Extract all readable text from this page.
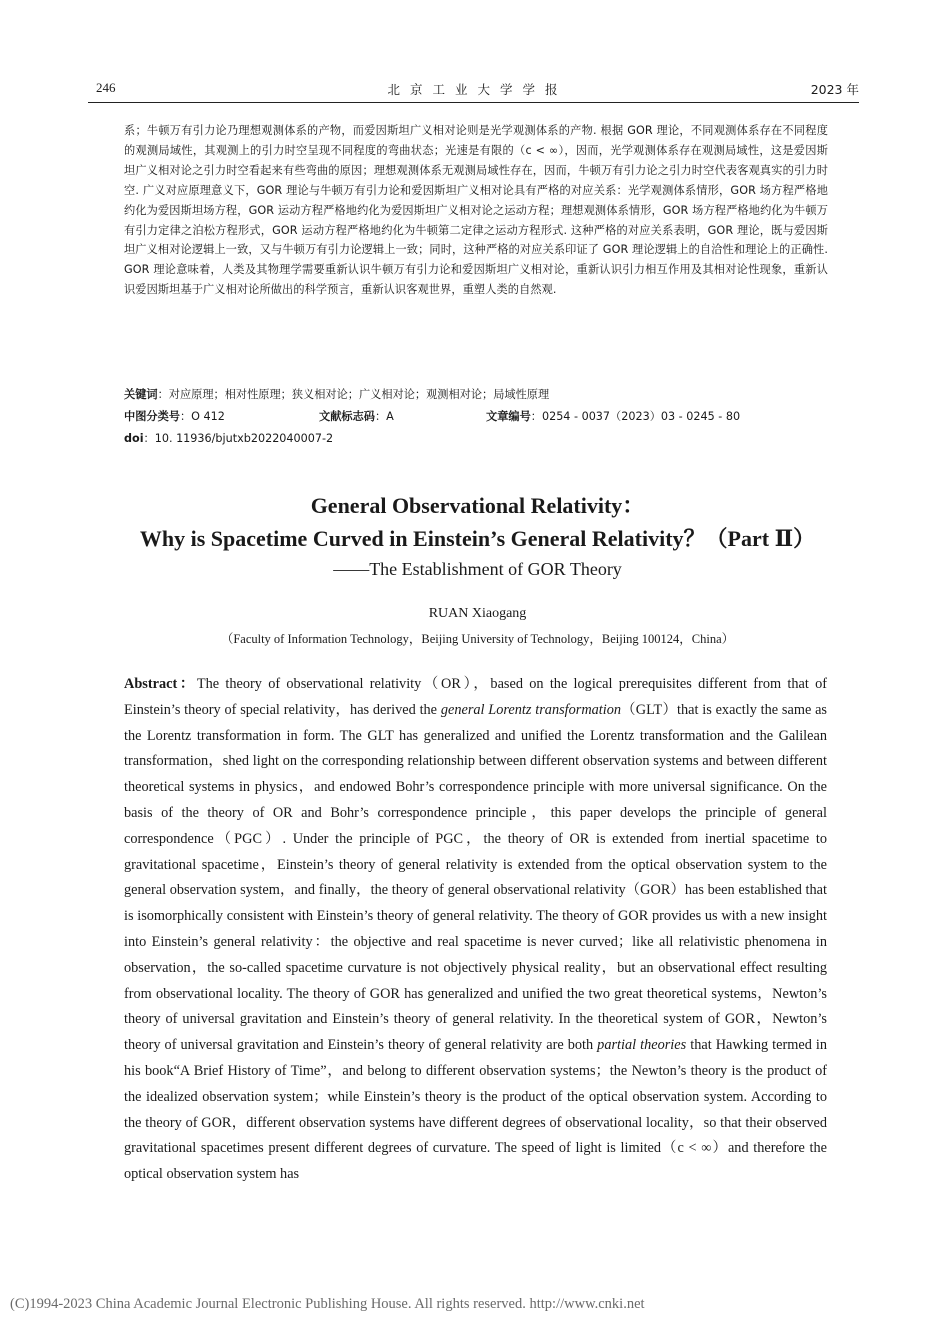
246	北京工业大学学报	2023 年

系；牛顿万有引力论乃理想观测体系的产物，而爱因斯坦广义相对论则是光学观测体系的产物. 根据 GOR 理论，不同观测体系存在不同程度的观测局域性，其观测上的引力时空呈现不同程度的弯曲状态；光速是有限的（c < ∞），因而，光学观测体系存在观测局域性，这是爱因斯坦广义相对论之引力时空看起来有些弯曲的原因；理想观测体系无观测局域性存在，因而，牛顿万有引力论之引力时空代表客观真实的引力时空. 广义对应原理意义下，GOR 理论与牛顿万有引力论和爱因斯坦广义相对论具有严格的对应关系：光学观测体系情形，GOR 场方程严格地约化为爱因斯坦场方程，GOR 运动方程严格地约化为爱因斯坦广义相对论之运动方程；理想观测体系情形，GOR 场方程严格地约化为牛顿万有引力定律之泊松方程形式，GOR 运动方程严格地约化为牛顿第二定律之运动方程形式. 这种严格的对应关系表明，GOR 理论，既与爱因斯坦广义相对论逻辑上一致，又与牛顿万有引力论逻辑上一致；同时，这种严格的对应关系印证了 GOR 理论逻辑上的自洽性和理论上的正确性. GOR 理论意味着，人类及其物理学需要重新认识牛顿万有引力论和爱因斯坦广义相对论，重新认识引力相互作用及其相对论性现象，重新认识爱因斯坦基于广义相对论所做出的科学预言，重新认识客观世界，重塑人类的自然观.

关键词：对应原理；相对性原理；狭义相对论；广义相对论；观测相对论；局域性原理
中图分类号：O 412	文献标志码：A	文章编号：0254 - 0037（2023）03 - 0245 - 80
doi：10. 11936/bjutxb2022040007-2
General Observational Relativity：
Why is Spacetime Curved in Einstein’s General Relativity？（Part Ⅱ）
——The Establishment of GOR Theory
RUAN Xiaogang
（Faculty of Information Technology，Beijing University of Technology，Beijing 100124，China）

Abstract：The theory of observational relativity（OR），based on the logical prerequisites different from that of Einstein’s theory of special relativity，has derived the general Lorentz transformation（GLT）that is exactly the same as the Lorentz transformation in form. The GLT has generalized and unified the Lorentz transformation and the Galilean transformation，shed light on the corresponding relationship between different observation systems and between different theoretical systems in physics，and endowed Bohr’s correspondence principle with more universal significance. On the basis of the theory of OR and Bohr’s correspondence principle，this paper develops the principle of general correspondence（PGC）. Under the principle of PGC，the theory of OR is extended from inertial spacetime to gravitational spacetime，Einstein’s theory of general relativity is extended from the optical observation system to the general observation system，and finally，the theory of general observational relativity（GOR）has been established that is isomorphically consistent with Einstein’s theory of general relativity. The theory of GOR provides us with a new insight into Einstein’s general relativity：the objective and real spacetime is never curved；like all relativistic phenomena in observation，the so-called spacetime curvature is not objectively physical reality，but an observational effect resulting from observational locality. The theory of GOR has generalized and unified the two great theoretical systems，Newton’s theory of universal gravitation and Einstein’s theory of general relativity. In the theoretical system of GOR，Newton’s theory of universal gravitation and Einstein’s theory of general relativity are both partial theories that Hawking termed in his book“A Brief History of Time”，and belong to different observation systems；the Newton’s theory is the product of the idealized observation system；while Einstein’s theory is the product of the optical observation system. According to the theory of GOR，different observation systems have different degrees of observational locality，so that their observed gravitational spacetimes present different degrees of curvature. The speed of light is limited（c < ∞）and therefore the optical observation system has

(C)1994-2023 China Academic Journal Electronic Publishing House. All rights reserved. http://www.cnki.net
